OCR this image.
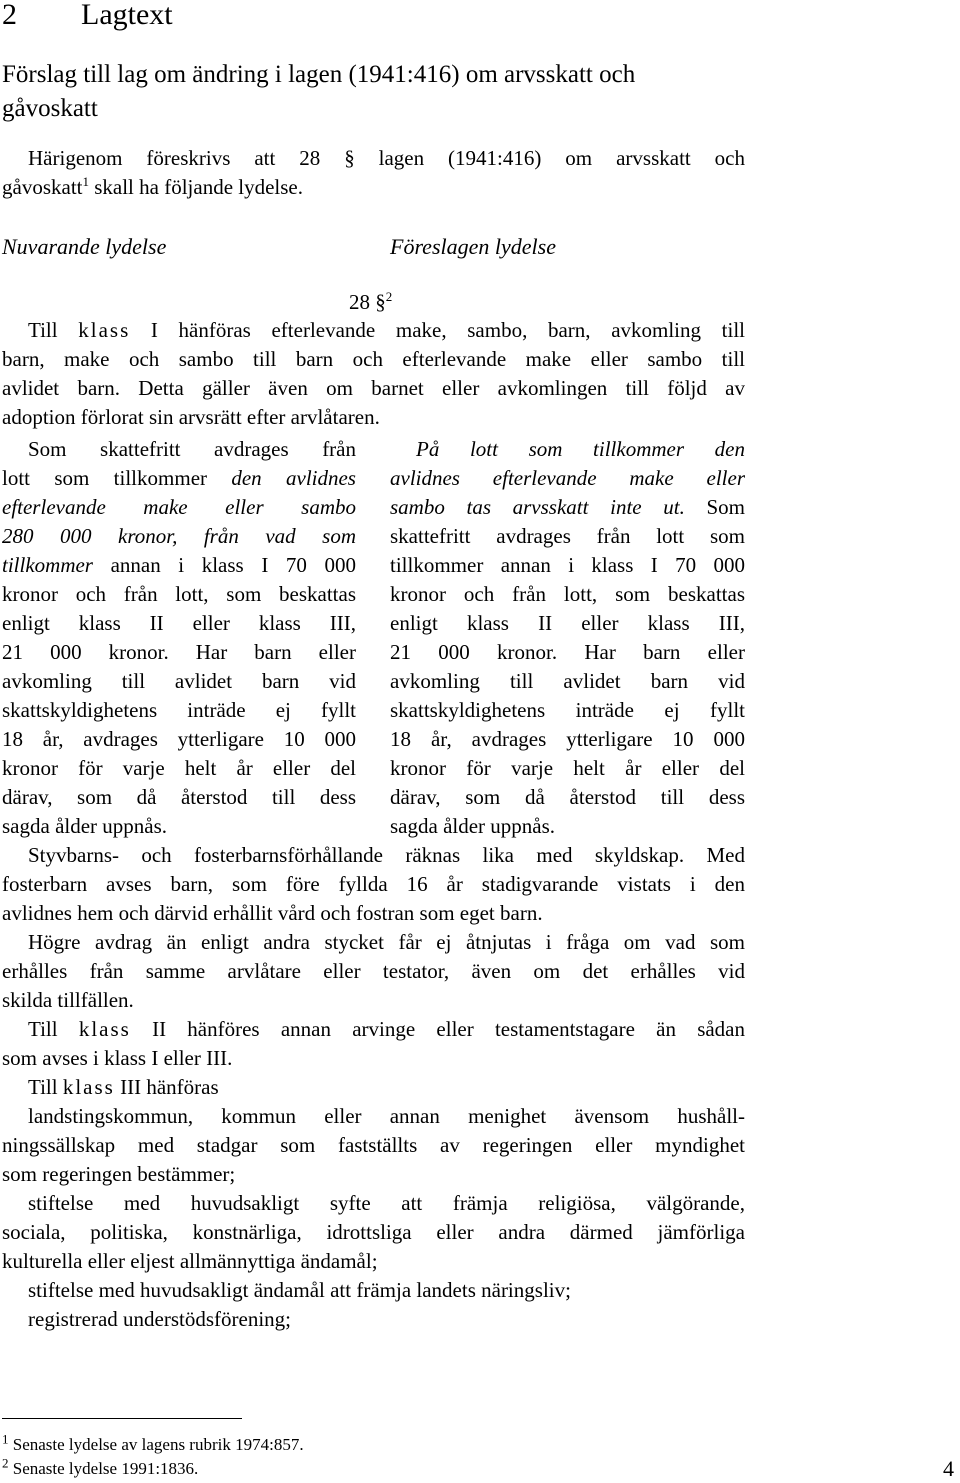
2 Lagtext
Förslag till lag om ändring i lagen (1941:416) om arvsskatt och
gåvoskatt
Härigenom föreskrivs att 28 § lagen (1941:416) om arvsskatt och
gåvoskatt$^1$ skall ha följande lydelse.
Nuvarande lydelse	Föreslagen lydelse
28 §$^2$
Till klass I hänföras efterlevande make, sambo, barn, avkomling till
barn, make och sambo till barn och efterlevande make eller sambo till
avlidet barn. Detta gäller även om barnet eller avkomlingen till följd av
adoption förlorat sin arvsrätt efter arvlåtaren.
Som skattefritt avdrages från
lott som tillkommer den avlidnes
efterlevande make eller sambo
280 000 kronor, från vad som
tillkommer annan i klass I 70 000
kronor och från lott, som beskattas
enligt klass II eller klass III,
21 000 kronor. Har barn eller
avkomling till avlidet barn vid
skattskyldighetens inträde ej fyllt
18 år, avdrages ytterligare 10 000
kronor för varje helt år eller del
därav, som då återstod till dess
sagda ålder uppnås.
På lott som tillkommer den
avlidnes efterlevande make eller
sambo tas arvsskatt inte ut. Som
skattefritt avdrages från lott som
tillkommer annan i klass I 70 000
kronor och från lott, som beskattas
enligt klass II eller klass III,
21 000 kronor. Har barn eller
avkomling till avlidet barn vid
skattskyldighetens inträde ej fyllt
18 år, avdrages ytterligare 10 000
kronor för varje helt år eller del
därav, som då återstod till dess
sagda ålder uppnås.
Styvbarns- och fosterbarnsförhållande räknas lika med skyldskap. Med
fosterbarn avses barn, som före fyllda 16 år stadigvarande vistats i den
avlidnes hem och därvid erhållit vård och fostran som eget barn.
Högre avdrag än enligt andra stycket får ej åtnjutas i fråga om vad som
erhålles från samme arvlåtare eller testator, även om det erhålles vid
skilda tillfällen.
Till klass II hänföres annan arvinge eller testamentstagare än sådan
som avses i klass I eller III.
Till klass III hänföras
landstingskommun, kommun eller annan menighet ävensom hushåll-
ningssällskap med stadgar som fastställts av regeringen eller myndighet
som regeringen bestämmer;
stiftelse med huvudsakligt syfte att främja religiösa, välgörande,
sociala, politiska, konstnärliga, idrottsliga eller andra därmed jämförliga
kulturella eller eljest allmännyttiga ändamål;
stiftelse med huvudsakligt ändamål att främja landets näringsliv;
registrerad understödsförening;
$^1$ Senaste lydelse av lagens rubrik 1974:857.
$^2$ Senaste lydelse 1991:1836.	4
